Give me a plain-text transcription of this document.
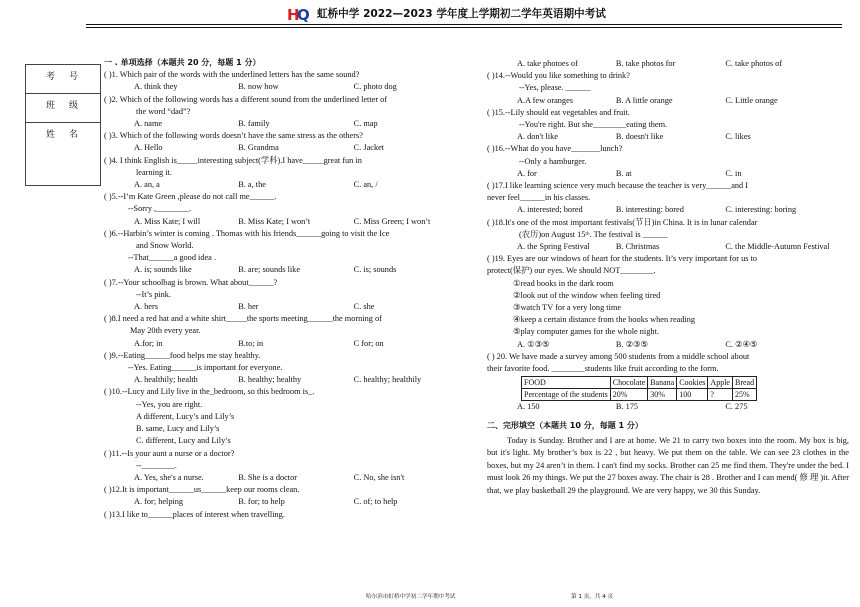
H
Q 虹桥中学 2022—2023 学年度上学期初二学年英语期中考试
考号
班级
姓名
一 . 单项选择（本题共 20 分，每题 1 分）
( )1. Which pair of the words with the underlined letters has the same sound?
A. think they	B. now how	C. photo dog
( )2. Which of the following words has a different sound from the underlined letter of
the word “dad”?
A. name	B. family	C. map
( )3. Which of the following words doesn’t have the same stress as the others?
A. Hello	B. Grandma	C. Jacket
( )4. I think English is_____interesting subject(学科).I have_____great fun in
learning it.
A. an, a	B. a, the	C. an, /
( )5.--I’m Kate Green ,please do not call me______.
--Sorry ,________.
A. Miss Kate; I will	B. Miss Kate; I won’t	C. Miss Green; I won’t
( )6.--Harbin’s winter is coming . Thomas with his friends______going to visit the Ice
and Snow World.
--That______a good idea .
A. is; sounds like	B. are; sounds like	C. is; sounds
( )7.--Your schoolbag is brown. What about______?
--It’s pink.
A. hers	B. her	C. she
( )8.I need a red hat and a white shirt_____the sports meeting______the morning of
May 20th every year.
A.for; in	B.to; in	C for; on
( )9.--Eating______food helps me stay healthy.
--Yes. Eating______is important for everyone.
A. healthily; health	B. healthy; healthy	C. healthy; healthily
( )10.--Lucy and Lily live in the_bedroom, so this bedroom is_.
--Yes, you are right.
A different, Lucy’s and Lily’s
B. same, Lucy and Lily’s
C. different, Lucy and Lily’s
( )11.--Is your aunt a nurse or a doctor?
--________.
A. Yes, she's a nurse.	B. She is a doctor	C. No, she isn't
( )12.It is important______us______keep our rooms clean.
A. for; helping	B. for; to help	C. of; to help
( )13.I like to______places of interest when travelling.
A. take photoes of	B. take photos for	C. take photos of
( )14.--Would you like something to drink?
--Yes, please. ______
A.A few oranges	B. A little orange	C. Little orange
( )15.--Lily should eat vegetables and fruit.
--You're right. But she________eating them.
A. don't like	B. doesn't like	C. likes
( )16.--What do you have_______lunch?
--Only a hamburger.
A. for	B. at	C. in
( )17.I like learning science very much because the teacher is very______and I
never feel______in his classes.
A. interested; bored	B. interesting: bored	C. interesting: boring
( )18.It's one of the most important festivals(节日)in China. It is in lunar calendar
(农历)on August 15ᵗʰ. The festival is ______
A. the Spring Festival	B. Christmas	C. the Middle-Autumn Festival
( )19. Eyes are our windows of heart for the students. It’s very important for us to
protect(保护) our eyes. We should NOT________.
①read books in the dark room
②look out of the window when feeling tired
③watch TV for a very long time
④keep a certain distance from the books when reading
⑤play computer games for the whole night.
A. ①③⑤	B. ②③⑤	C. ②④⑤
( ) 20. We have made a survey among 500 students from a middle school about
their favorite food. ________students like fruit according to the form.
FOOD	Chocolate	Banana	Cookies	Apple	Bread
Percentage of the students	20%	30%	100	?	25%
A. 150	B. 175	C. 275
二、完形填空（本题共 10 分，每题 1 分）
Today is Sunday. Brother and I are at home. We 21 to carry two boxes into the room. My box is big, but it's light. My brother’s box is 22 , but heavy. We put them on the table. We can see 23 clothes in the boxes, but my 24 aren’t in them. I can't find my socks. Brother can 25 me find them. They're under the bed. I must look 26 my things. We put the 27 boxes away. The chair is 28 . Brother and I can mend( 修 理 )it. After that, we play basketball 29 the playground. We are very happy, we 30 this Sunday.
哈尔滨市虹桥中学初二学年期中考试	第 1 页，共 4 页
